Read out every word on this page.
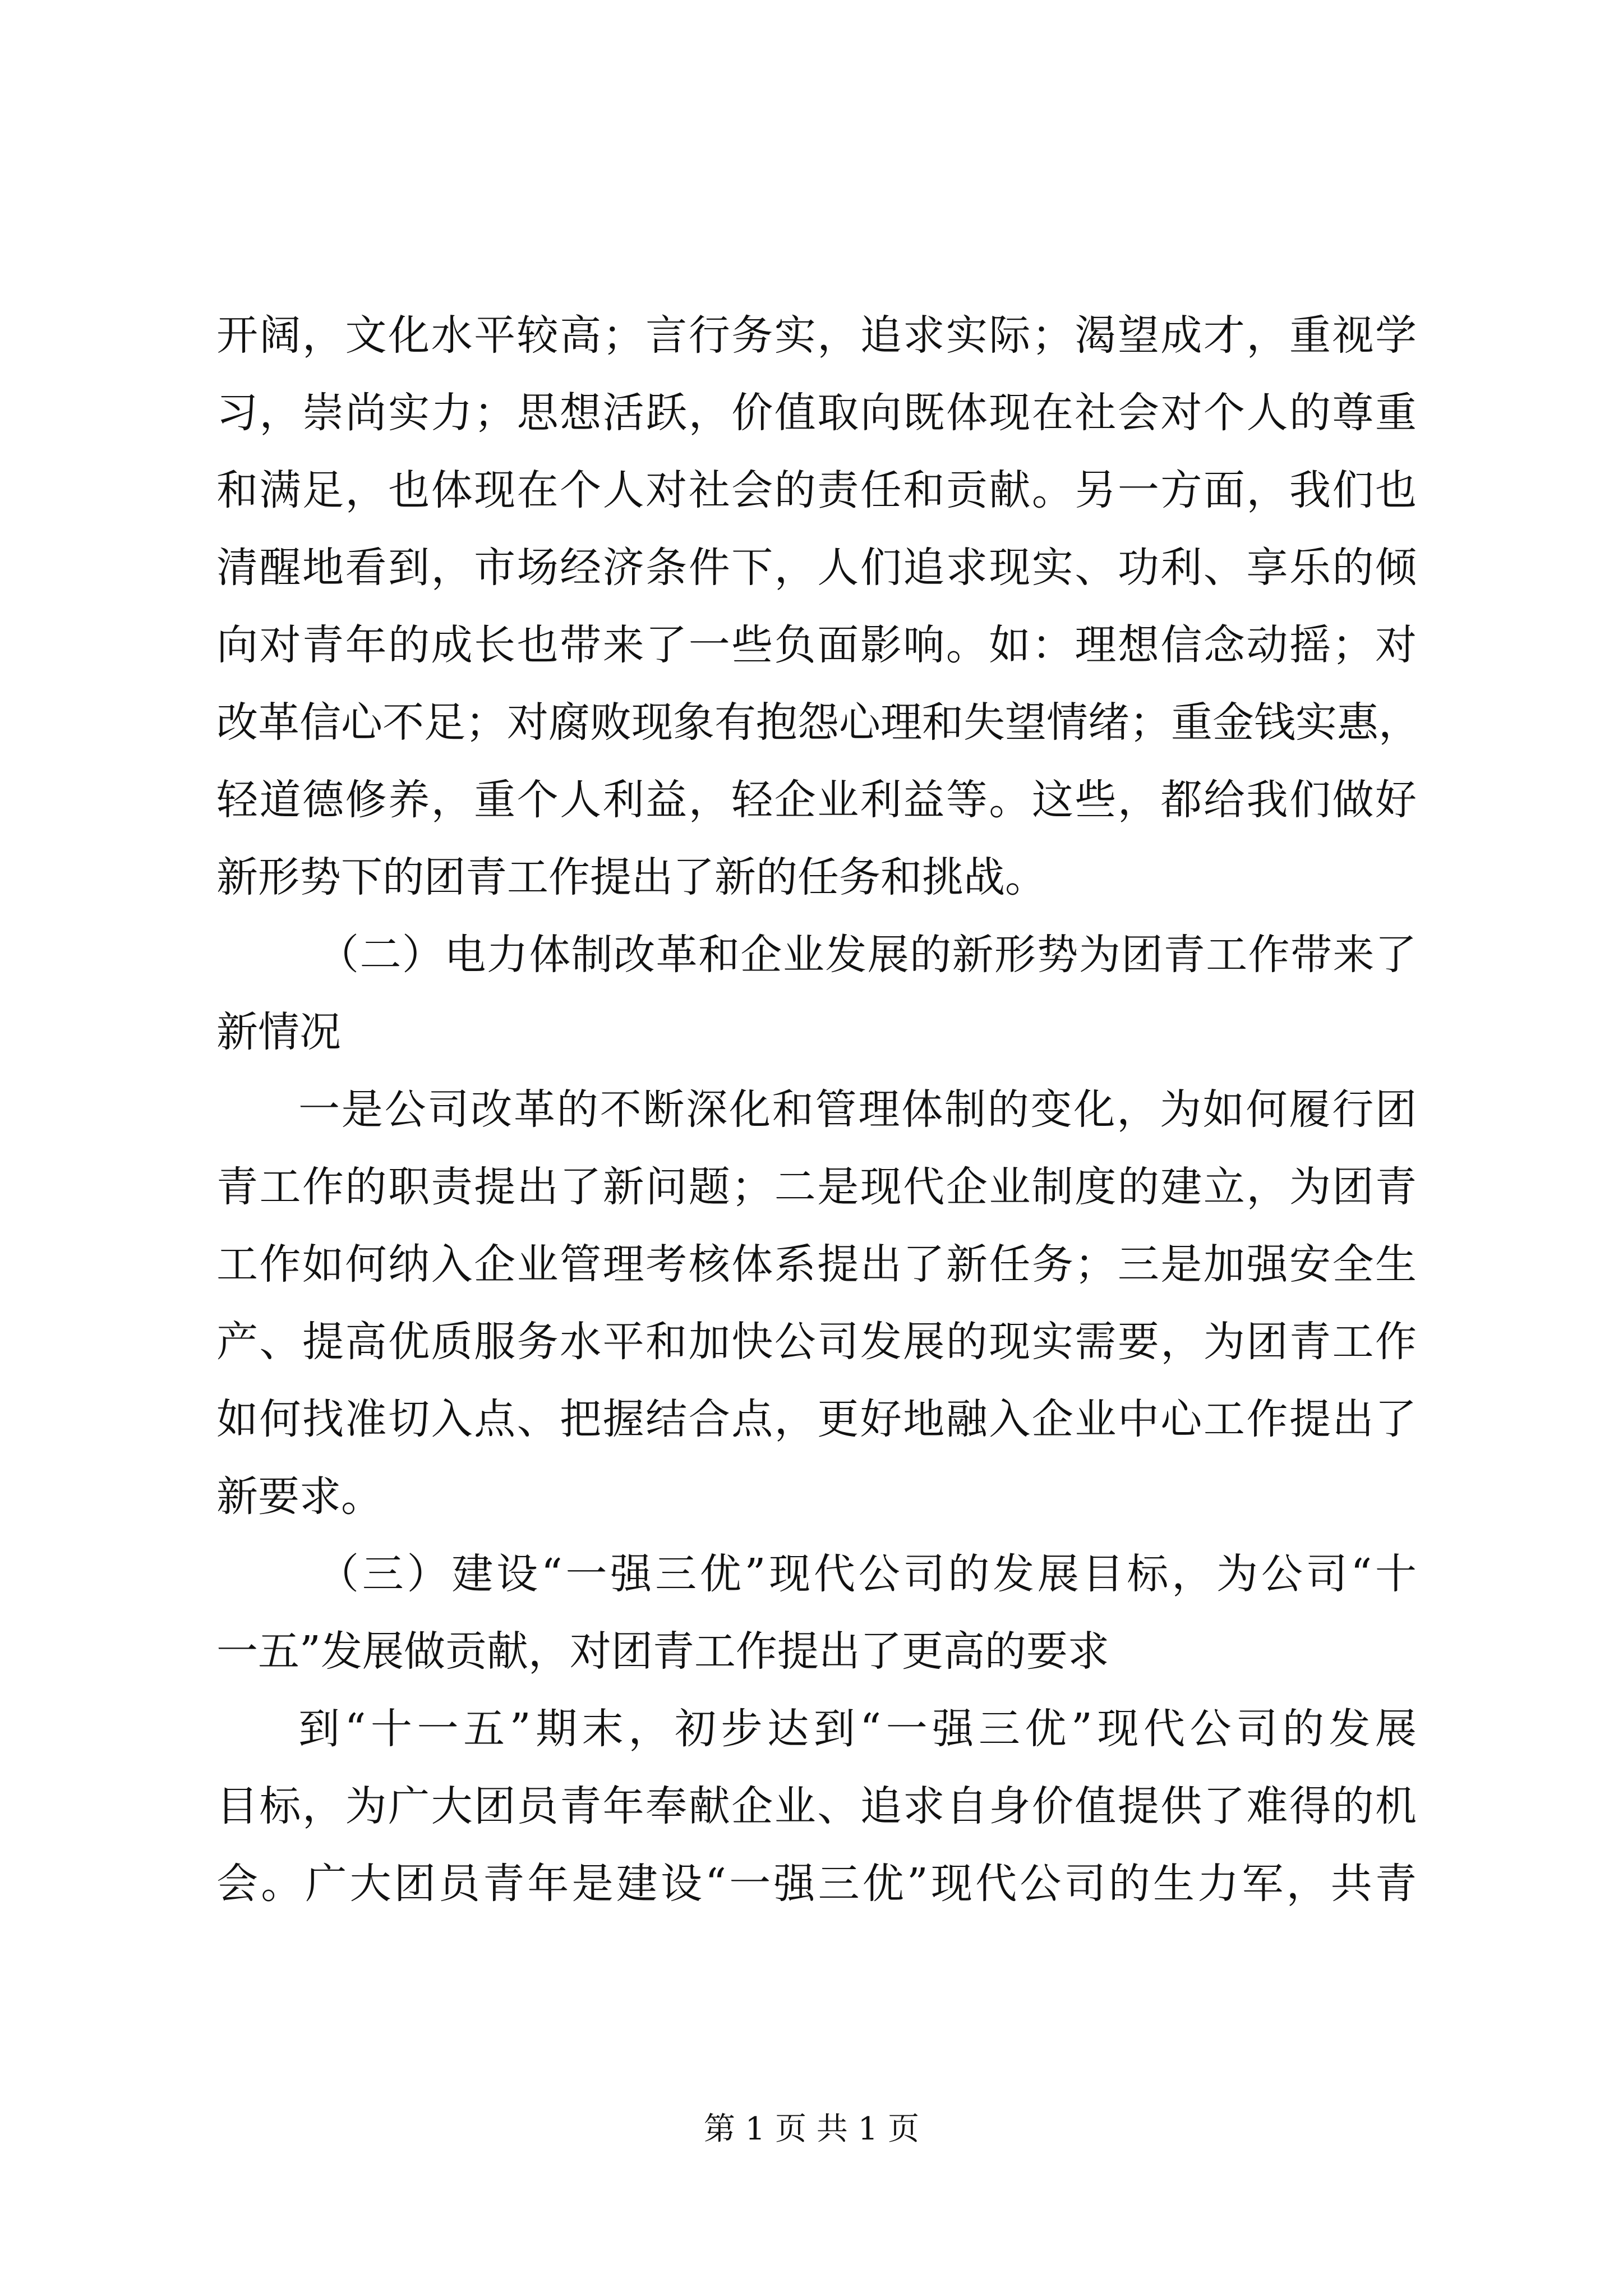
开阔，文化水平较高；言行务实，追求实际；渴望成才，重视学
习，崇尚实力；思想活跃，价值取向既体现在社会对个人的尊重
和满足，也体现在个人对社会的责任和贡献。另一方面，我们也
清醒地看到，市场经济条件下，人们追求现实、功利、享乐的倾
向对青年的成长也带来了一些负面影响。如：理想信念动摇；对
改革信心不足；对腐败现象有抱怨心理和失望情绪；重金钱实惠，
轻道德修养，重个人利益，轻企业利益等。这些，都给我们做好
新形势下的团青工作提出了新的任务和挑战。
（二）电力体制改革和企业发展的新形势为团青工作带来了
新情况
一是公司改革的不断深化和管理体制的变化，为如何履行团
青工作的职责提出了新问题；二是现代企业制度的建立，为团青
工作如何纳入企业管理考核体系提出了新任务；三是加强安全生
产、提高优质服务水平和加快公司发展的现实需要，为团青工作
如何找准切入点、把握结合点，更好地融入企业中心工作提出了
新要求。
（三）建设“一强三优”现代公司的发展目标，为公司“十
一五”发展做贡献，对团青工作提出了更高的要求
到“十一五”期末，初步达到“一强三优”现代公司的发展
目标，为广大团员青年奉献企业、追求自身价值提供了难得的机
会。广大团员青年是建设“一强三优”现代公司的生力军，共青
第 1 页 共 1 页
